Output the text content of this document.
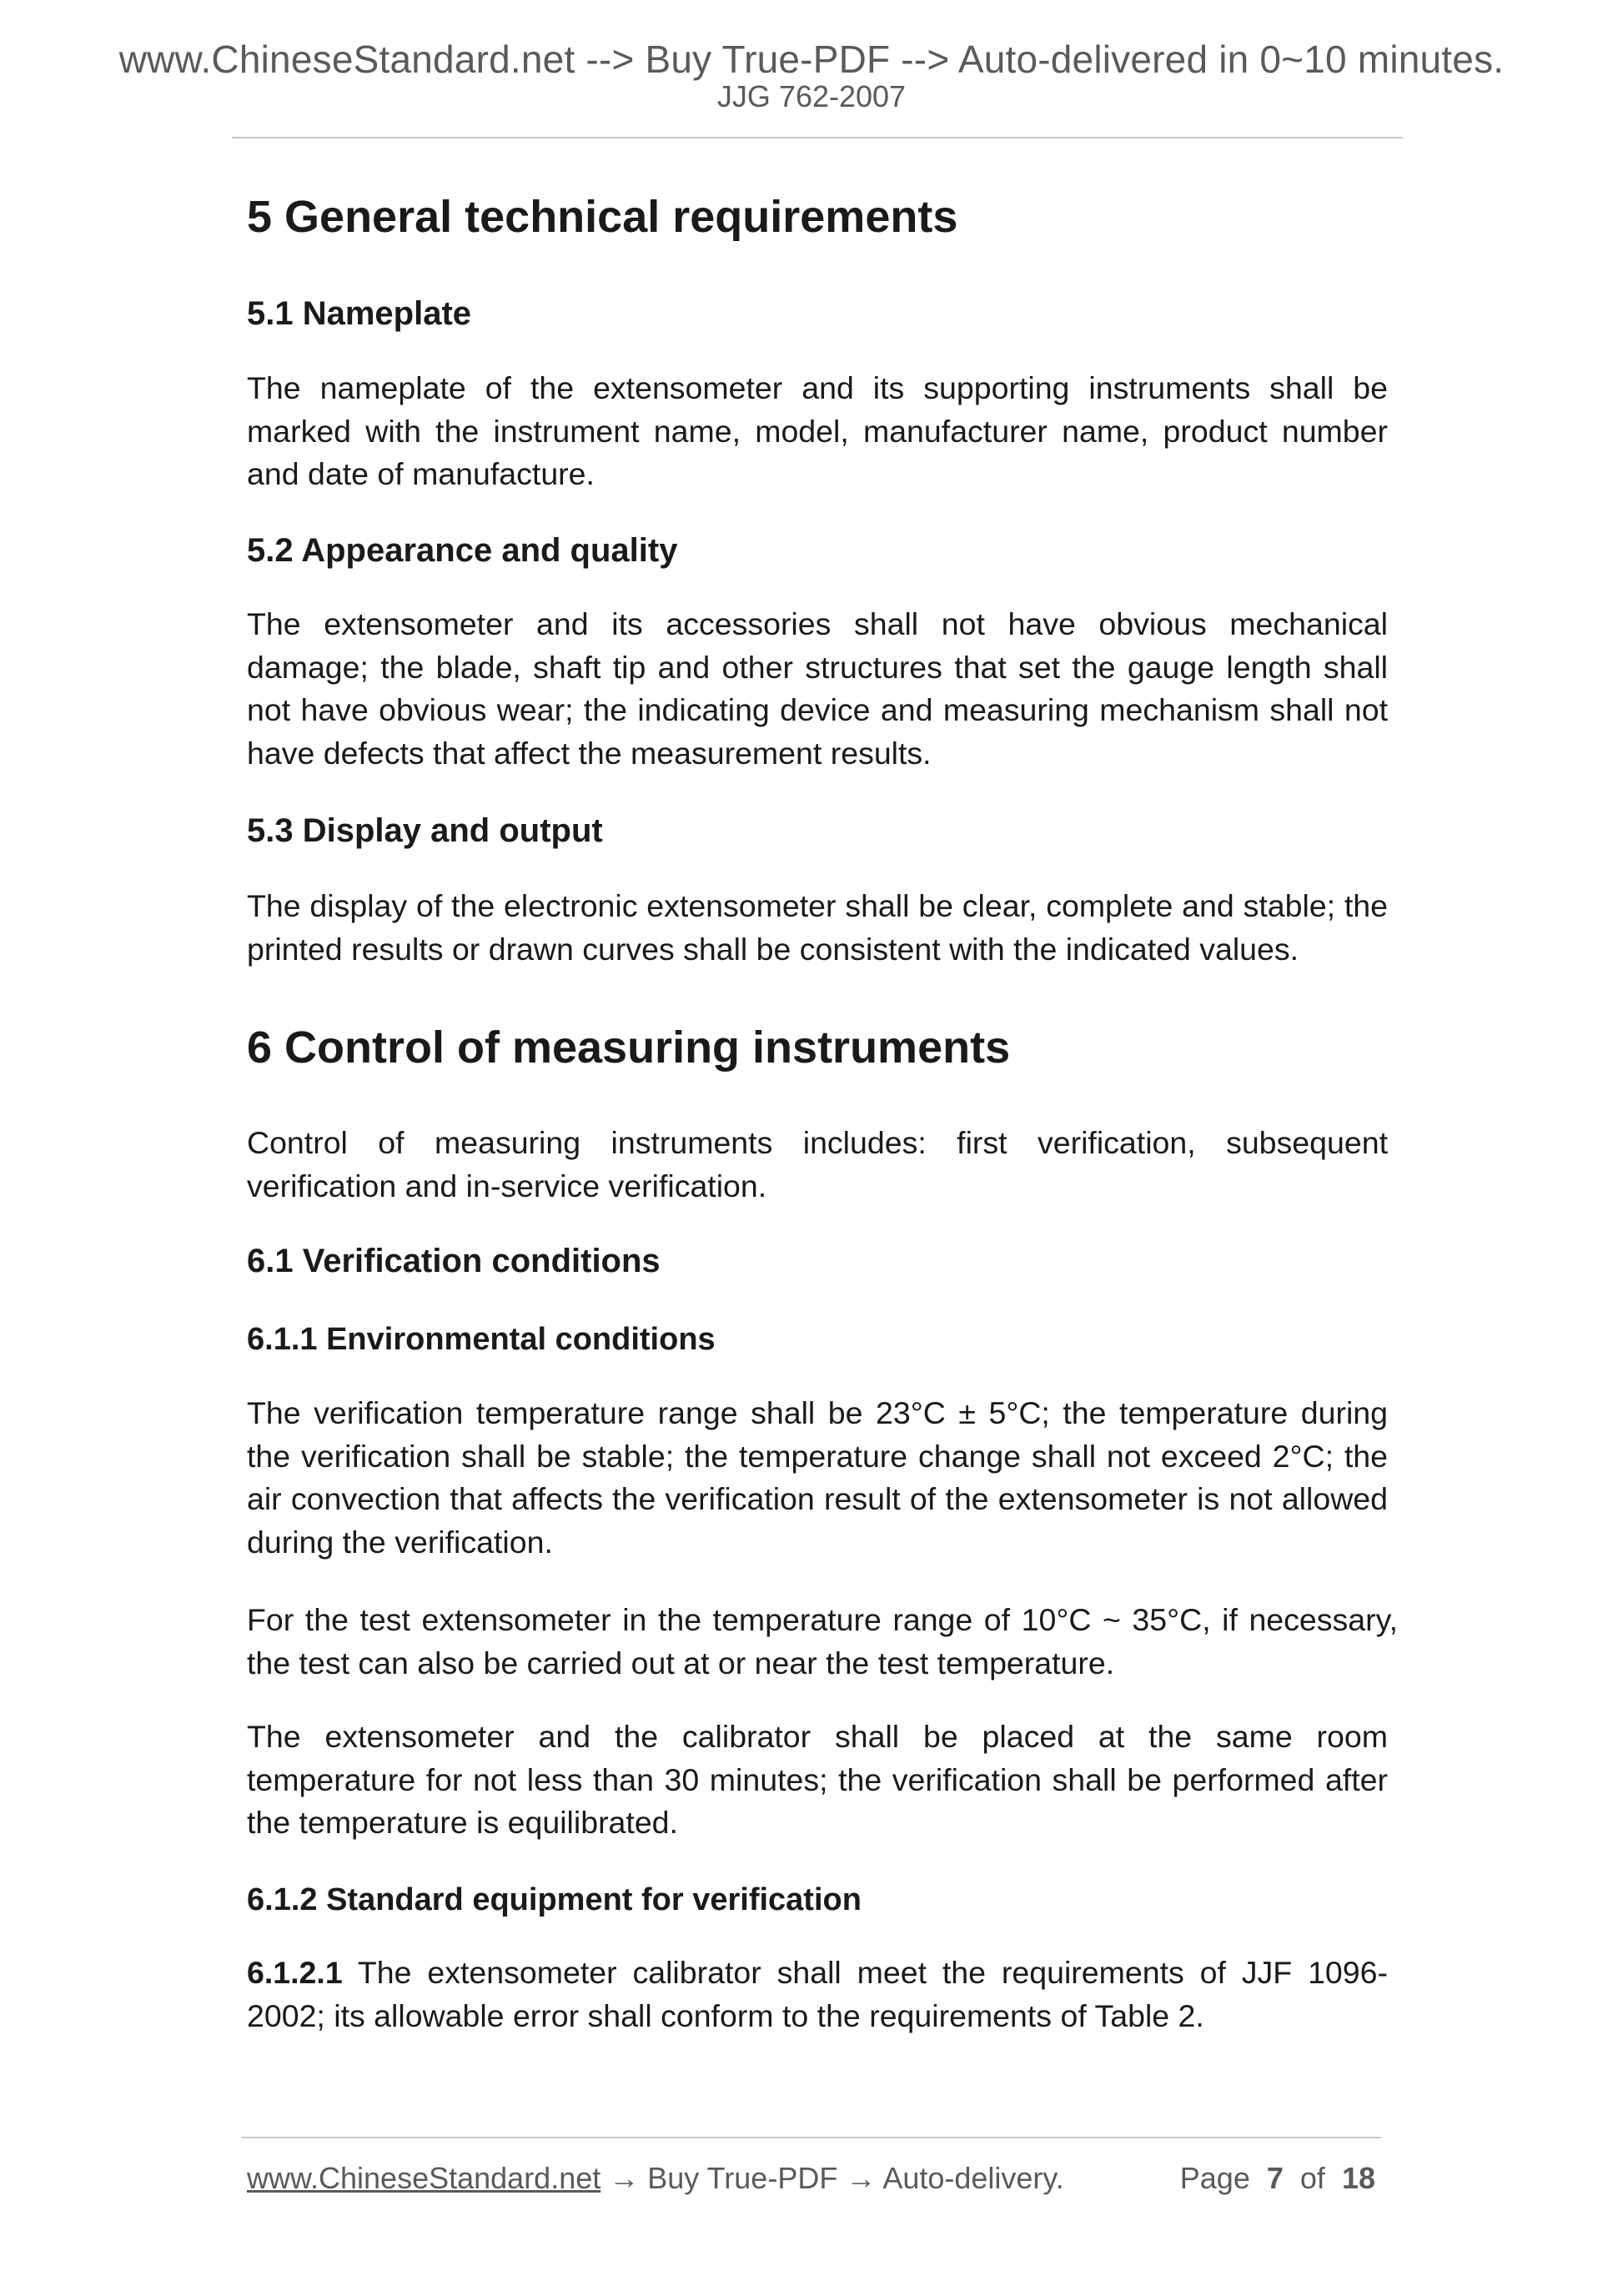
www.ChineseStandard.net --> Buy True-PDF --> Auto-delivered in 0~10 minutes.
JJG 762-2007
5 General technical requirements
5.1 Nameplate
The nameplate of the extensometer and its supporting instruments shall be marked with the instrument name, model, manufacturer name, product number and date of manufacture.
5.2 Appearance and quality
The extensometer and its accessories shall not have obvious mechanical damage; the blade, shaft tip and other structures that set the gauge length shall not have obvious wear; the indicating device and measuring mechanism shall not have defects that affect the measurement results.
5.3 Display and output
The display of the electronic extensometer shall be clear, complete and stable; the printed results or drawn curves shall be consistent with the indicated values.
6 Control of measuring instruments
Control of measuring instruments includes: first verification, subsequent verification and in-service verification.
6.1 Verification conditions
6.1.1 Environmental conditions
The verification temperature range shall be 23°C ± 5°C; the temperature during the verification shall be stable; the temperature change shall not exceed 2°C; the air convection that affects the verification result of the extensometer is not allowed during the verification.
For the test extensometer in the temperature range of 10°C ~ 35°C, if necessary, the test can also be carried out at or near the test temperature.
The extensometer and the calibrator shall be placed at the same room temperature for not less than 30 minutes; the verification shall be performed after the temperature is equilibrated.
6.1.2 Standard equipment for verification
6.1.2.1 The extensometer calibrator shall meet the requirements of JJF 1096-2002; its allowable error shall conform to the requirements of Table 2.
www.ChineseStandard.net → Buy True-PDF → Auto-delivery.	Page 7 of 18
